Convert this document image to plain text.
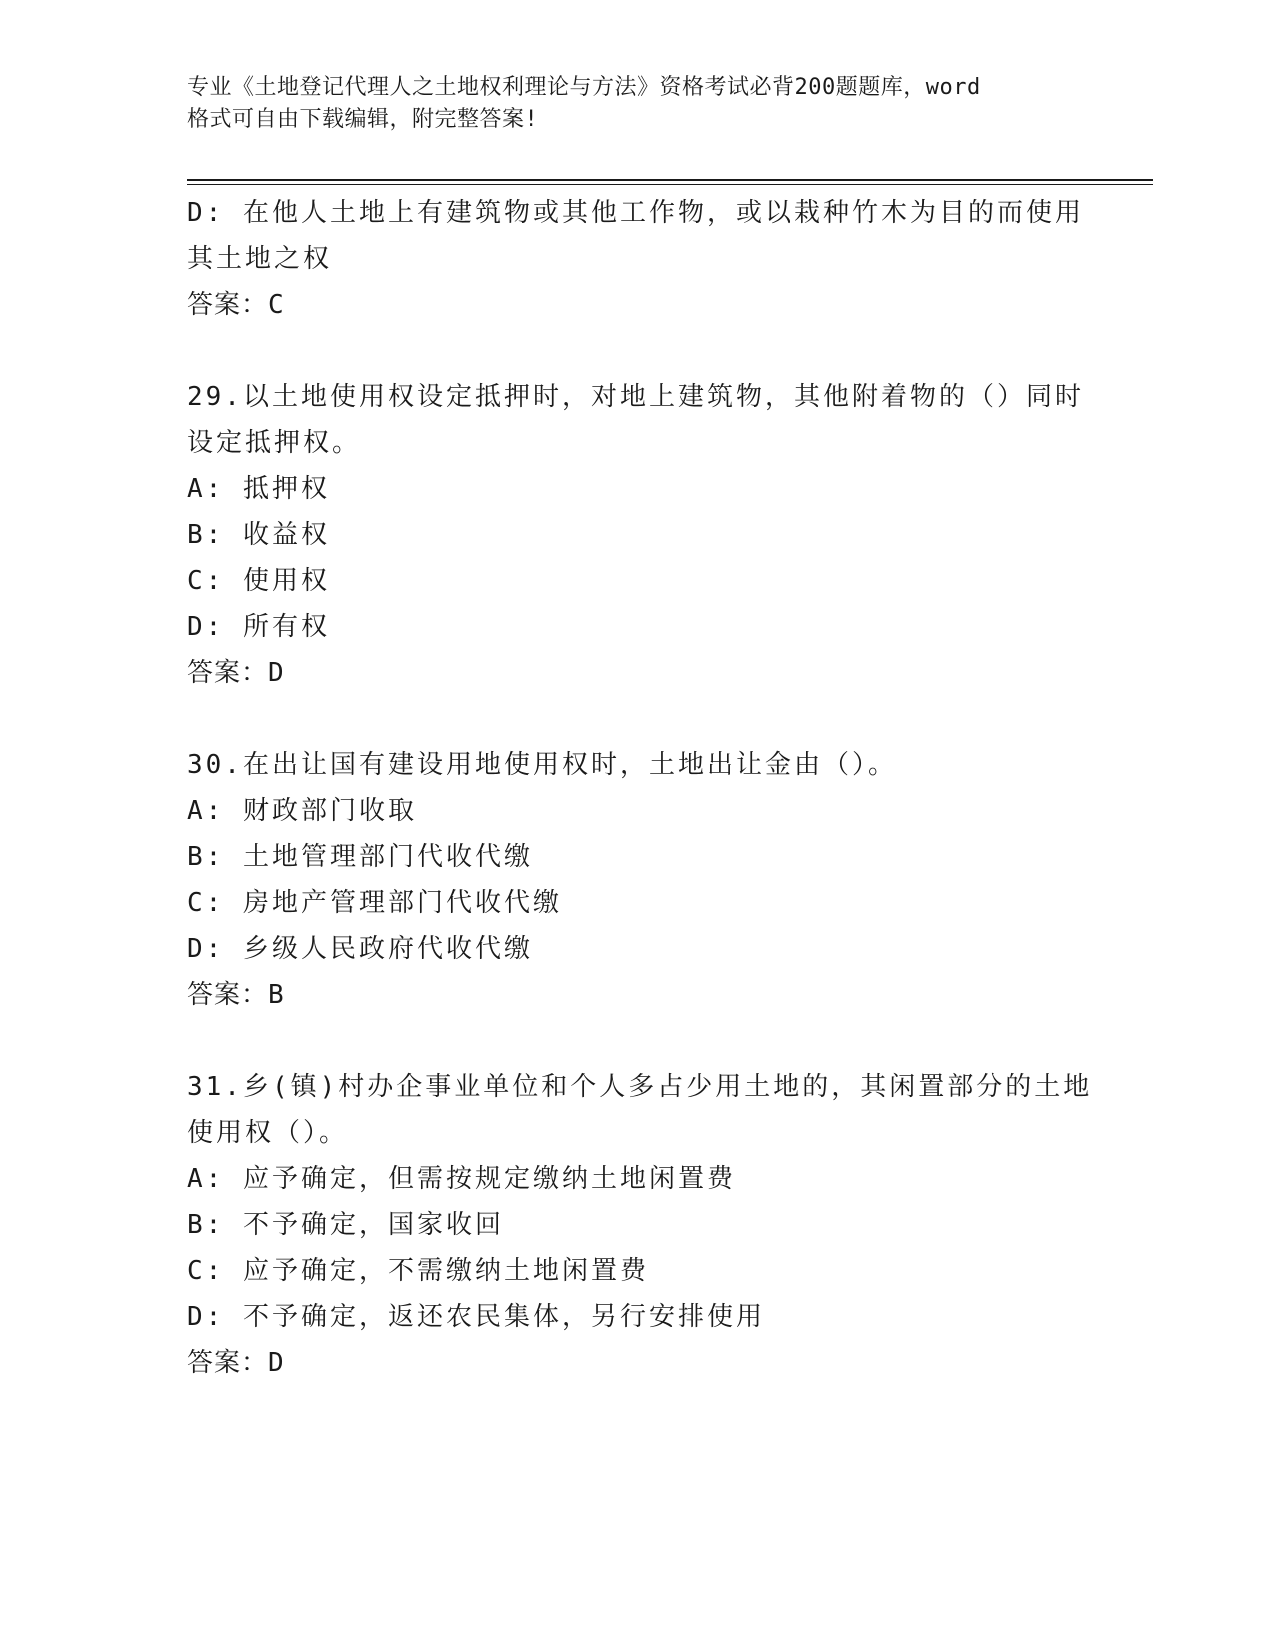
专业《土地登记代理人之土地权利理论与方法》资格考试必背200题题库，word
格式可自由下载编辑，附完整答案!
D: 在他人土地上有建筑物或其他工作物，或以栽种竹木为目的而使用
其土地之权
答案：C
29.以土地使用权设定抵押时，对地上建筑物，其他附着物的（）同时
设定抵押权。
A: 抵押权
B: 收益权
C: 使用权
D: 所有权
答案：D
30.在出让国有建设用地使用权时，土地出让金由（）。
A: 财政部门收取
B: 土地管理部门代收代缴
C: 房地产管理部门代收代缴
D: 乡级人民政府代收代缴
答案：B
31.乡(镇)村办企事业单位和个人多占少用土地的，其闲置部分的土地
使用权（）。
A: 应予确定，但需按规定缴纳土地闲置费
B: 不予确定，国家收回
C: 应予确定，不需缴纳土地闲置费
D: 不予确定，返还农民集体，另行安排使用
答案：D
